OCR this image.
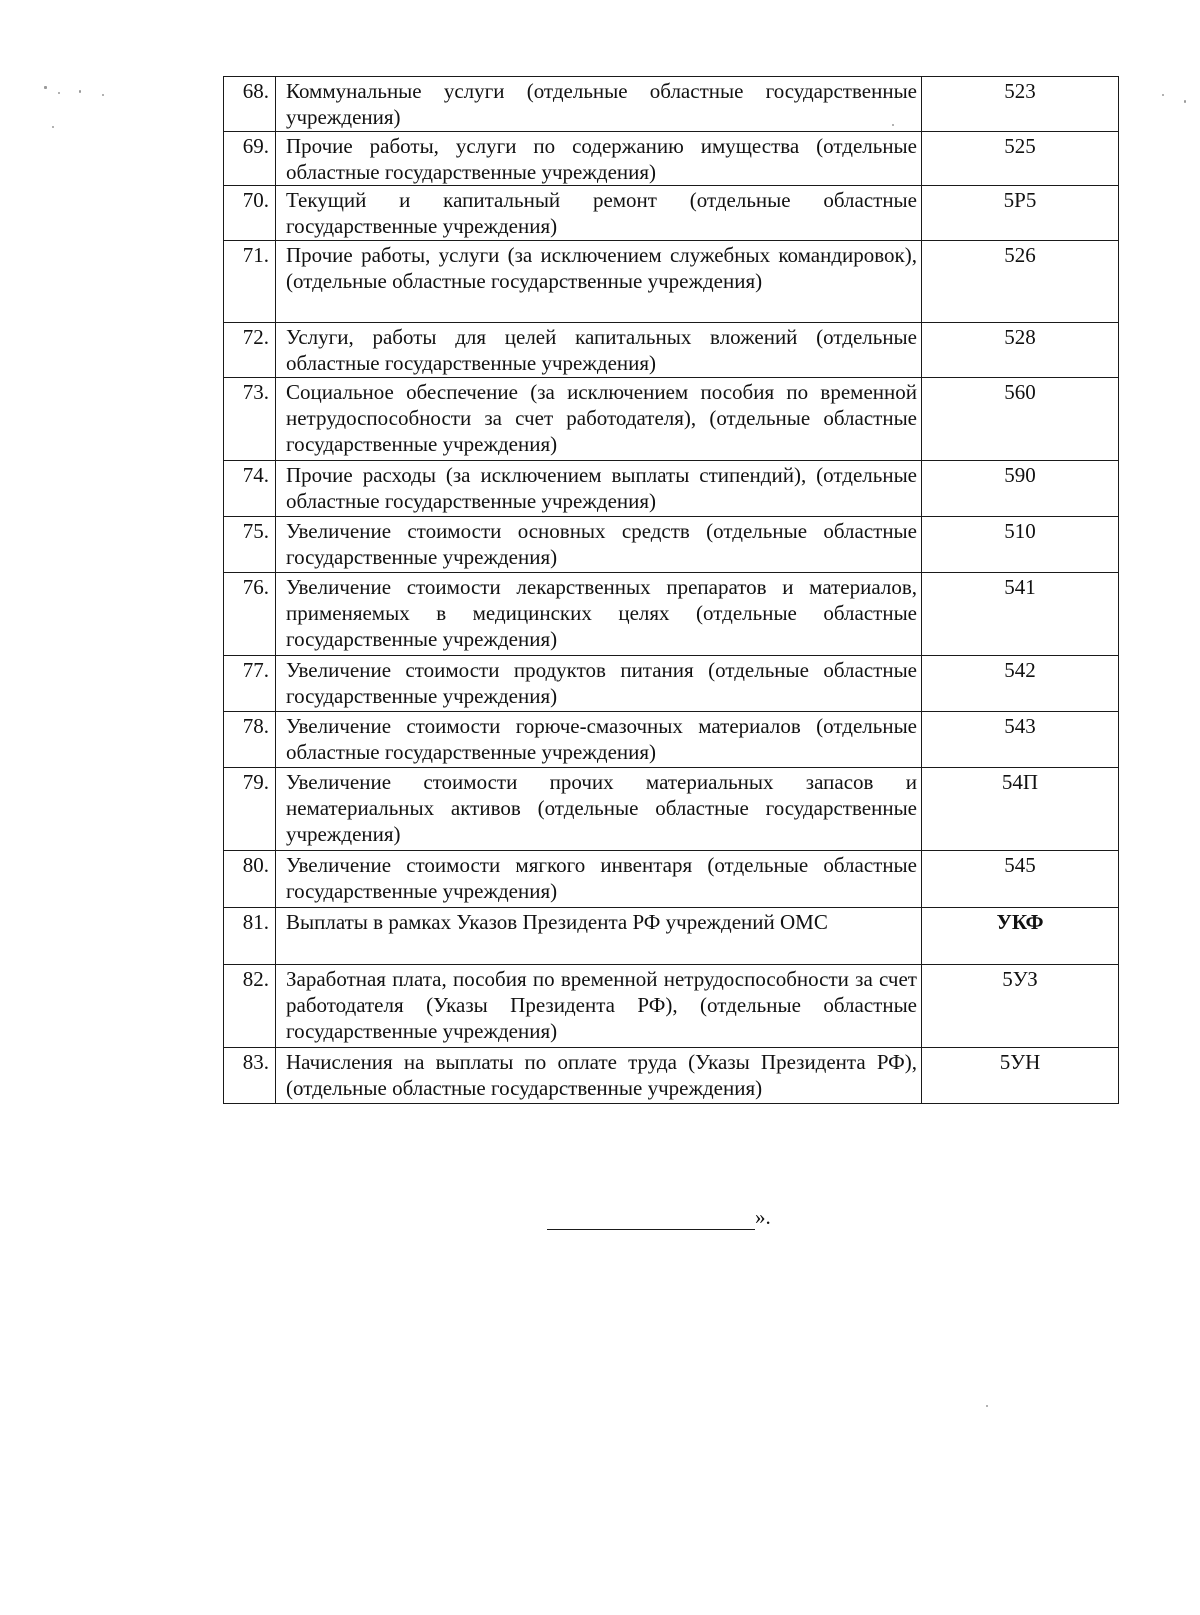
68.	Коммунальные услуги (отдельные областные государственные учреждения)	523
69.	Прочие работы, услуги по содержанию имущества (отдельные областные государственные учреждения)	525
70.	Текущий и капитальный ремонт (отдельные областные государственные учреждения)	5Р5
71.	Прочие работы, услуги (за исключением служебных командировок), (отдельные областные государственные учреждения)	526
72.	Услуги, работы для целей капитальных вложений (отдельные областные государственные учреждения)	528
73.	Социальное обеспечение (за исключением пособия по временной нетрудоспособности за счет работодателя), (отдельные областные государственные учреждения)	560
74.	Прочие расходы (за исключением выплаты стипендий), (отдельные областные государственные учреждения)	590
75.	Увеличение стоимости основных средств (отдельные областные государственные учреждения)	510
76.	Увеличение стоимости лекарственных препаратов и материалов, применяемых в медицинских целях (отдельные областные государственные учреждения)	541
77.	Увеличение стоимости продуктов питания (отдельные областные государственные учреждения)	542
78.	Увеличение стоимости горюче-смазочных материалов (отдельные областные государственные учреждения)	543
79.	Увеличение стоимости прочих материальных запасов и нематериальных активов (отдельные областные государственные учреждения)	54П
80.	Увеличение стоимости мягкого инвентаря (отдельные областные государственные учреждения)	545
81.	Выплаты в рамках Указов Президента РФ учреждений ОМС	УКФ
82.	Заработная плата, пособия по временной нетрудоспособности за счет работодателя (Указы Президента РФ), (отдельные областные государственные учреждения)	5УЗ
83.	Начисления на выплаты по оплате труда (Указы Президента РФ), (отдельные областные государственные учреждения)	5УН
».
